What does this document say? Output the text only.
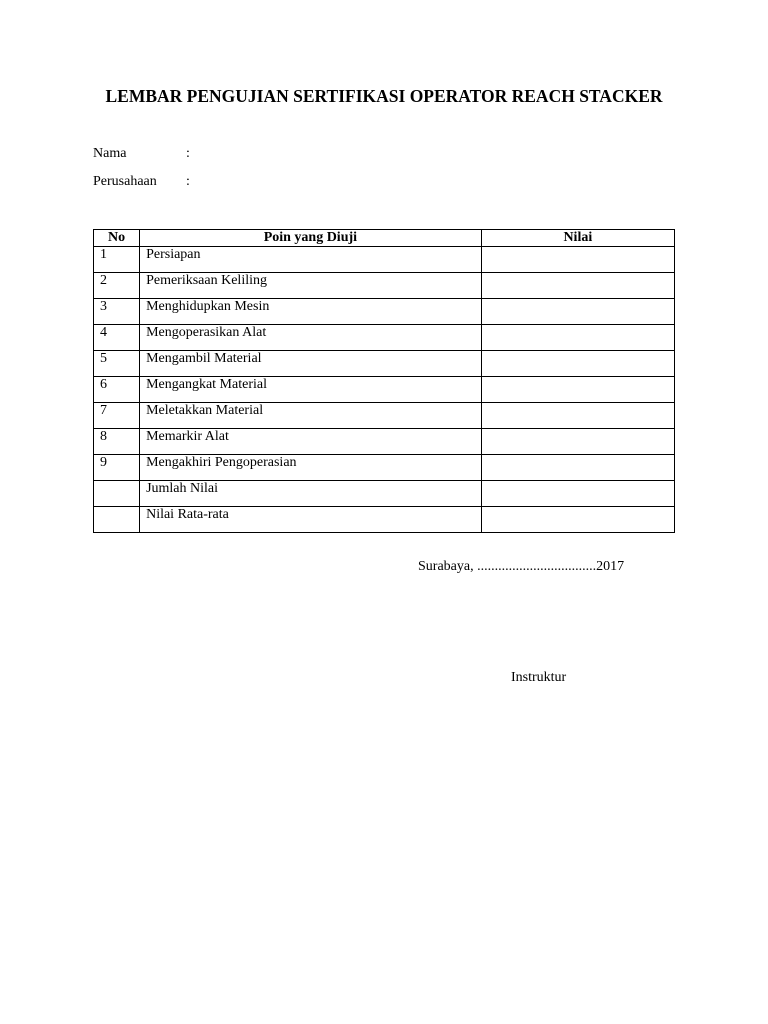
LEMBAR PENGUJIAN SERTIFIKASI OPERATOR REACH STACKER
Nama	:
Perusahaan :
No	Poin yang Diuji	Nilai
1	Persiapan	
2	Pemeriksaan Keliling	
3	Menghidupkan Mesin	
4	Mengoperasikan Alat	
5	Mengambil Material	
6	Mengangkat Material	
7	Meletakkan Material	
8	Memarkir Alat	
9	Mengakhiri Pengoperasian	
	Jumlah Nilai	
	Nilai Rata-rata	
Surabaya, ..................................2017
Instruktur
